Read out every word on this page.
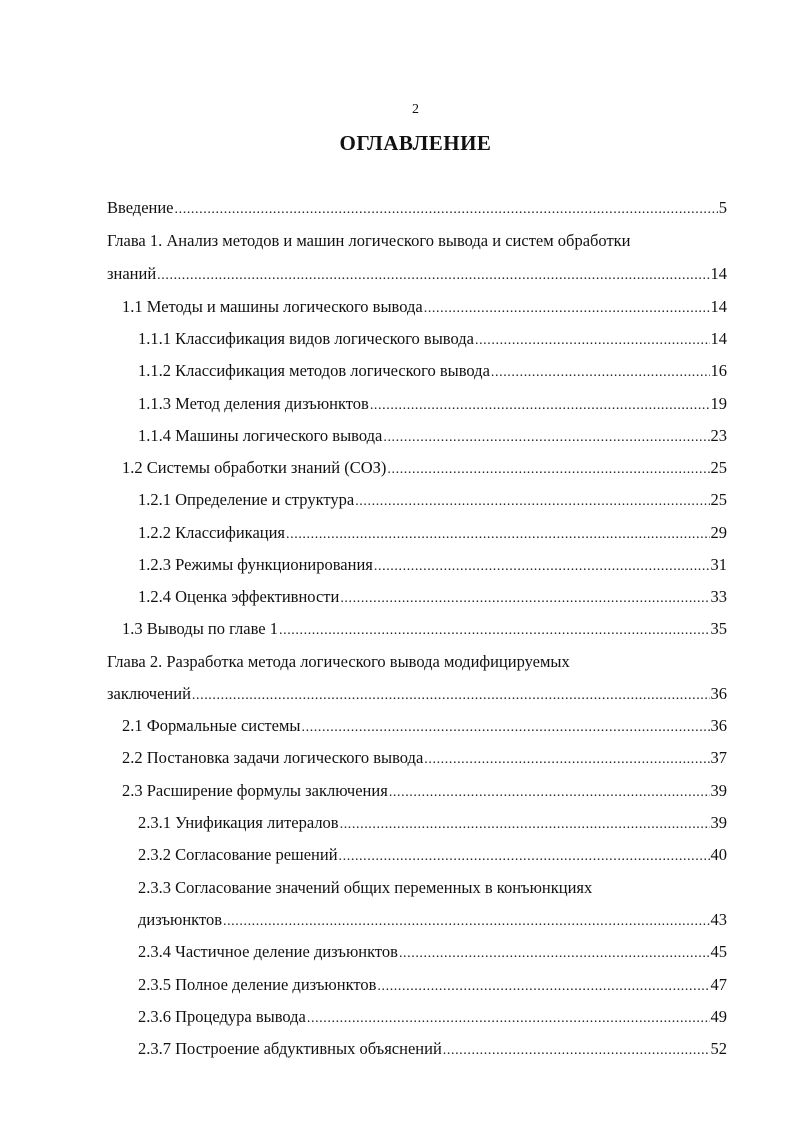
2
ОГЛАВЛЕНИЕ
Введение .....	5
Глава 1. Анализ методов и машин логического вывода и систем обработки
знаний .....	14
1.1 Методы и машины логического вывода .....	14
1.1.1 Классификация видов логического вывода .....	14
1.1.2 Классификация методов логического вывода .....	16
1.1.3 Метод деления дизъюнктов .....	19
1.1.4 Машины логического вывода .....	23
1.2 Системы обработки знаний (СОЗ) .....	25
1.2.1 Определение и структура .....	25
1.2.2 Классификация .....	29
1.2.3 Режимы функционирования .....	31
1.2.4 Оценка эффективности .....	33
1.3 Выводы по главе 1 .....	35
Глава 2. Разработка метода логического вывода модифицируемых
заключений .....	36
2.1 Формальные системы .....	36
2.2 Постановка задачи логического вывода .....	37
2.3 Расширение формулы заключения .....	39
2.3.1 Унификация литералов .....	39
2.3.2 Согласование решений .....	40
2.3.3 Согласование значений общих переменных в конъюнкциях
дизъюнктов .....	43
2.3.4 Частичное деление дизъюнктов .....	45
2.3.5 Полное деление дизъюнктов .....	47
2.3.6 Процедура вывода .....	49
2.3.7 Построение абдуктивных объяснений .....	52
